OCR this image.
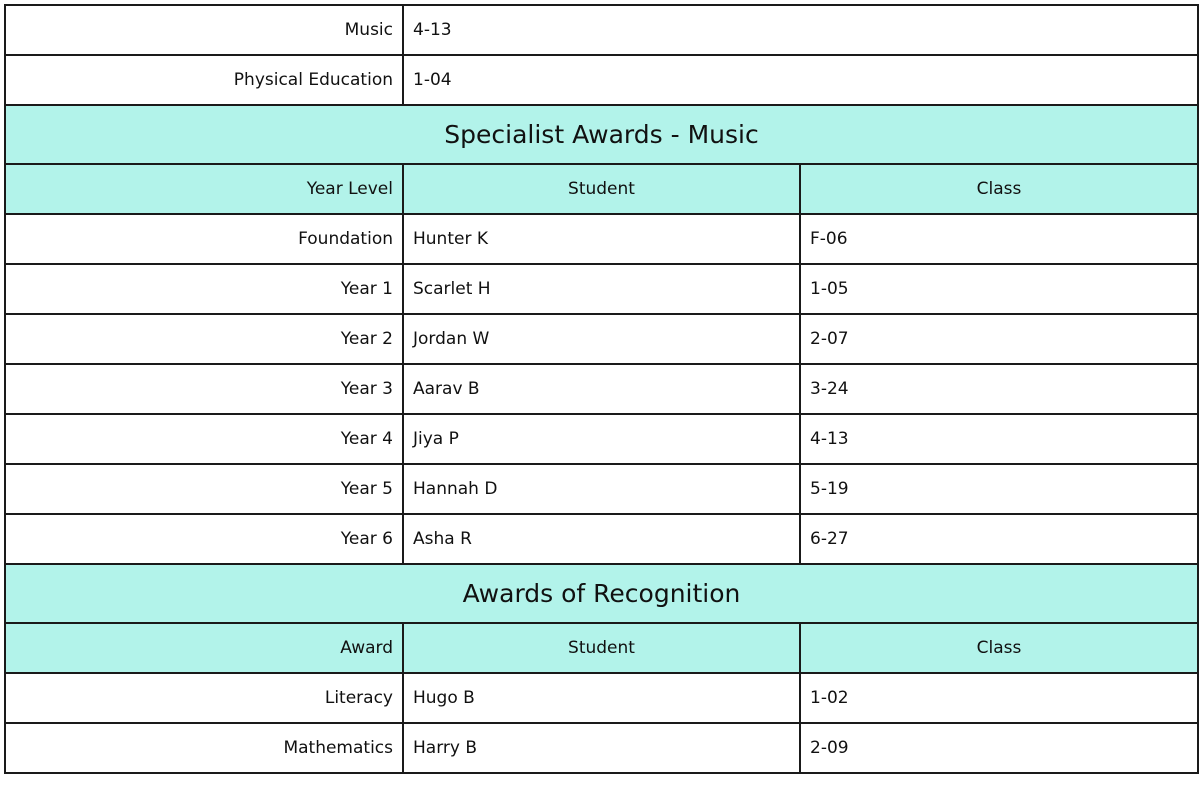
Music	4-13	
Physical Education	1-04	
Specialist Awards - Music		
Year Level	Student	Class
Foundation	Hunter K	F-06
Year 1	Scarlet H	1-05
Year 2	Jordan W	2-07
Year 3	Aarav B	3-24
Year 4	Jiya P	4-13
Year 5	Hannah D	5-19
Year 6	Asha R	6-27
Awards of Recognition		
Award	Student	Class
Literacy	Hugo B	1-02
Mathematics	Harry B	2-09
